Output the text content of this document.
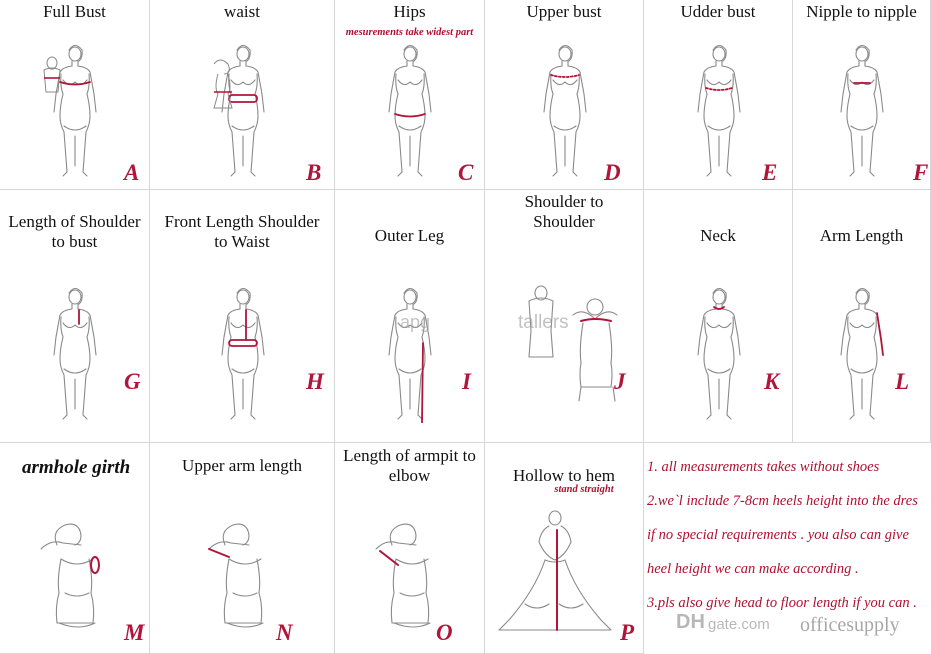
Full Bust
A
waist
B
Hips
mesurements take widest part
C
Upper bust
D
Udder bust
E
Nipple to nipple
F
Length of Shoulder
to bust
G
Front Length Shoulder
to Waist
H
Outer Leg
I
Shoulder to
Shoulder
J
Neck
K
Arm Length
L
armhole girth
M
Upper arm length
N
Length of armpit to
elbow
O
Hollow to hem
stand straight
P
1. all measurements takes without shoes
2.we`l include 7-8cm heels height into the dres
if no special requirements . you also can give
heel height we can make according .
3.pls also give head to floor length if you can .
apg	tallers
DH gate.com officesupply
